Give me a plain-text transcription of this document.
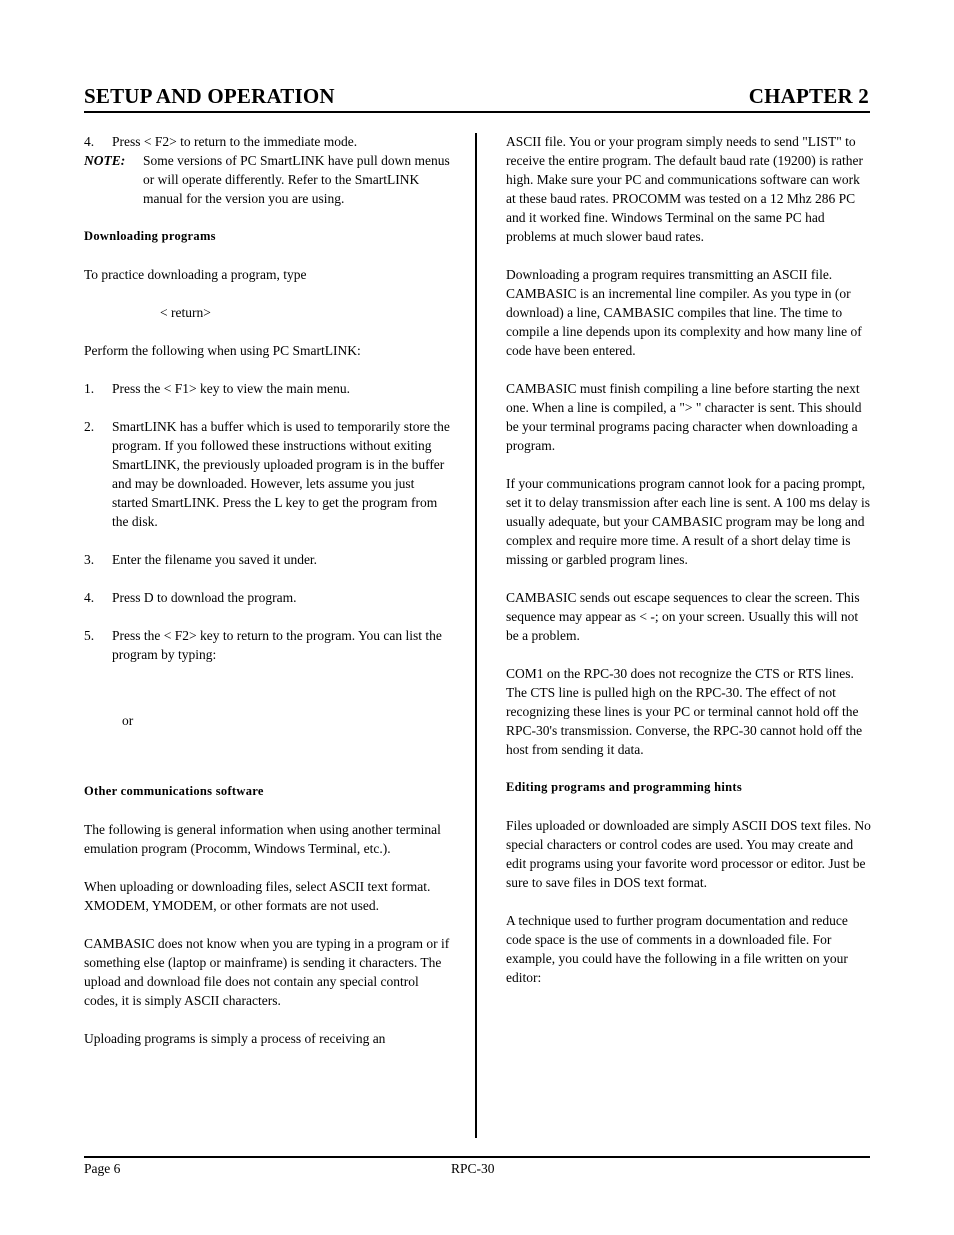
SETUP AND OPERATION	CHAPTER 2
4.	Press < F2> to return to the immediate mode.
NOTE:	Some versions of PC SmartLINK have pull down menus or will operate differently. Refer to the SmartLINK manual for the version you are using.
Downloading programs
To practice downloading a program, type
< return>
Perform the following when using PC SmartLINK:
1.	Press the < F1> key to view the main menu.
2.	SmartLINK has a buffer which is used to temporarily store the program. If you followed these instructions without exiting SmartLINK, the previously uploaded program is in the buffer and may be downloaded. However, lets assume you just started SmartLINK. Press the L key to get the program from the disk.
3.	Enter the filename you saved it under.
4.	Press D to download the program.
5.	Press the < F2> key to return to the program. You can list the program by typing:
or
Other communications software
The following is general information when using another terminal emulation program (Procomm, Windows Terminal, etc.).
When uploading or downloading files, select ASCII text format. XMODEM, YMODEM, or other formats are not used.
CAMBASIC does not know when you are typing in a program or if something else (laptop or mainframe) is sending it characters. The upload and download file does not contain any special control codes, it is simply ASCII characters.
Uploading programs is simply a process of receiving an
ASCII file. You or your program simply needs to send "LIST" to receive the entire program. The default baud rate (19200) is rather high. Make sure your PC and communications software can work at these baud rates. PROCOMM was tested on a 12 Mhz 286 PC and it worked fine. Windows Terminal on the same PC had problems at much slower baud rates.
Downloading a program requires transmitting an ASCII file. CAMBASIC is an incremental line compiler. As you type in (or download) a line, CAMBASIC compiles that line. The time to compile a line depends upon its complexity and how many line of code have been entered.
CAMBASIC must finish compiling a line before starting the next one. When a line is compiled, a "> " character is sent. This should be your terminal programs pacing character when downloading a program.
If your communications program cannot look for a pacing prompt, set it to delay transmission after each line is sent. A 100 ms delay is usually adequate, but your CAMBASIC program may be long and complex and require more time. A result of a short delay time is missing or garbled program lines.
CAMBASIC sends out escape sequences to clear the screen. This sequence may appear as < -; on your screen. Usually this will not be a problem.
COM1 on the RPC-30 does not recognize the CTS or RTS lines. The CTS line is pulled high on the RPC-30. The effect of not recognizing these lines is your PC or terminal cannot hold off the RPC-30's transmission. Converse, the RPC-30 cannot hold off the host from sending it data.
Editing programs and programming hints
Files uploaded or downloaded are simply ASCII DOS text files. No special characters or control codes are used. You may create and edit programs using your favorite word processor or editor. Just be sure to save files in DOS text format.
A technique used to further program documentation and reduce code space is the use of comments in a downloaded file. For example, you could have the following in a file written on your editor:
Page 6	RPC-30
